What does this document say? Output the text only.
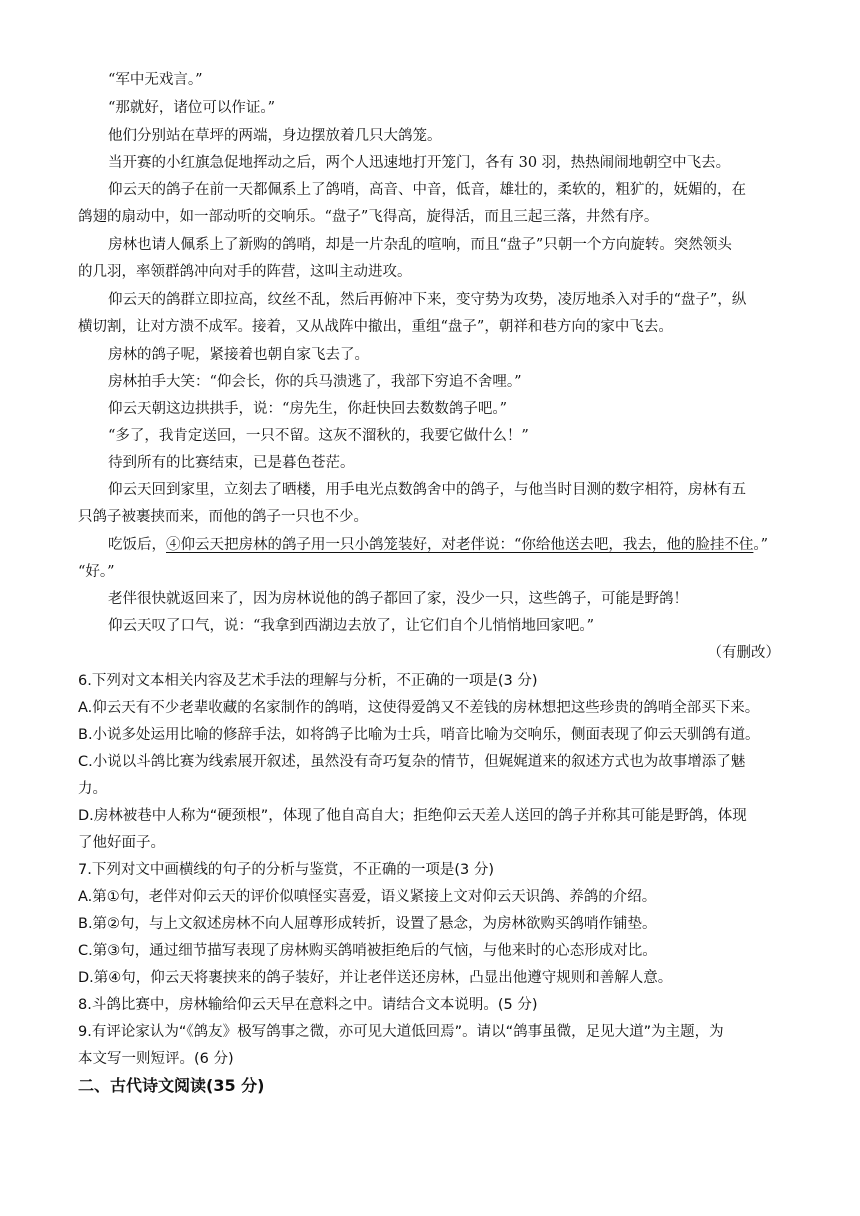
“军中无戏言。”
“那就好，诸位可以作证。”
他们分别站在草坪的两端，身边摆放着几只大鸽笼。
当开赛的小红旗急促地挥动之后，两个人迅速地打开笼门，各有 30 羽，热热闹闹地朝空中飞去。
仰云天的鸽子在前一天都佩系上了鸽哨，高音、中音，低音，雄壮的，柔软的，粗犷的，妩媚的，在
鸽翅的扇动中，如一部动听的交响乐。“盘子”飞得高，旋得活，而且三起三落，井然有序。
房林也请人佩系上了新购的鸽哨，却是一片杂乱的喧响，而且“盘子”只朝一个方向旋转。突然领头
的几羽，率领群鸽冲向对手的阵营，这叫主动进攻。
仰云天的鸽群立即拉高，纹丝不乱，然后再俯冲下来，变守势为攻势，凌厉地杀入对手的“盘子”，纵
横切割，让对方溃不成军。接着，又从战阵中撤出，重组“盘子”，朝祥和巷方向的家中飞去。
房林的鸽子呢，紧接着也朝自家飞去了。
房林拍手大笑：“仰会长，你的兵马溃逃了，我部下穷追不舍哩。”
仰云天朝这边拱拱手，说：“房先生，你赶快回去数数鸽子吧。”
“多了，我肯定送回，一只不留。这灰不溜秋的，我要它做什么！”
待到所有的比赛结束，已是暮色苍茫。
仰云天回到家里，立刻去了晒楼，用手电光点数鸽舍中的鸽子，与他当时目测的数字相符，房林有五
只鸽子被裹挟而来，而他的鸽子一只也不少。
吃饭后，④仰云天把房林的鸽子用一只小鸽笼装好，对老伴说：“你给他送去吧，我去，他的脸挂不住。”
“好。”
老伴很快就返回来了，因为房林说他的鸽子都回了家，没少一只，这些鸽子，可能是野鸽！
仰云天叹了口气，说：“我拿到西湖边去放了，让它们自个儿悄悄地回家吧。”
（有删改）
6.下列对文本相关内容及艺术手法的理解与分析，不正确的一项是(3 分)
A.仰云天有不少老辈收藏的名家制作的鸽哨，这使得爱鸽又不差钱的房林想把这些珍贵的鸽哨全部买下来。
B.小说多处运用比喻的修辞手法，如将鸽子比喻为士兵，哨音比喻为交响乐，侧面表现了仰云天驯鸽有道。
C.小说以斗鸽比赛为线索展开叙述，虽然没有奇巧复杂的情节，但娓娓道来的叙述方式也为故事增添了魅
力。
D.房林被巷中人称为“硬颈根”，体现了他自高自大；拒绝仰云天差人送回的鸽子并称其可能是野鸽，体现
了他好面子。
7.下列对文中画横线的句子的分析与鉴赏，不正确的一项是(3 分)
A.第①句，老伴对仰云天的评价似嗔怪实喜爱，语义紧接上文对仰云天识鸽、养鸽的介绍。
B.第②句，与上文叙述房林不向人屈尊形成转折，设置了悬念，为房林欲购买鸽哨作铺垫。
C.第③句，通过细节描写表现了房林购买鸽哨被拒绝后的气恼，与他来时的心态形成对比。
D.第④句，仰云天将裹挟来的鸽子装好，并让老伴送还房林，凸显出他遵守规则和善解人意。
8.斗鸽比赛中，房林输给仰云天早在意料之中。请结合文本说明。(5 分)
9.有评论家认为“《鸽友》极写鸽事之微，亦可见大道低回焉”。请以“鸽事虽微，足见大道”为主题，为
本文写一则短评。(6 分)
二、古代诗文阅读(35 分)
